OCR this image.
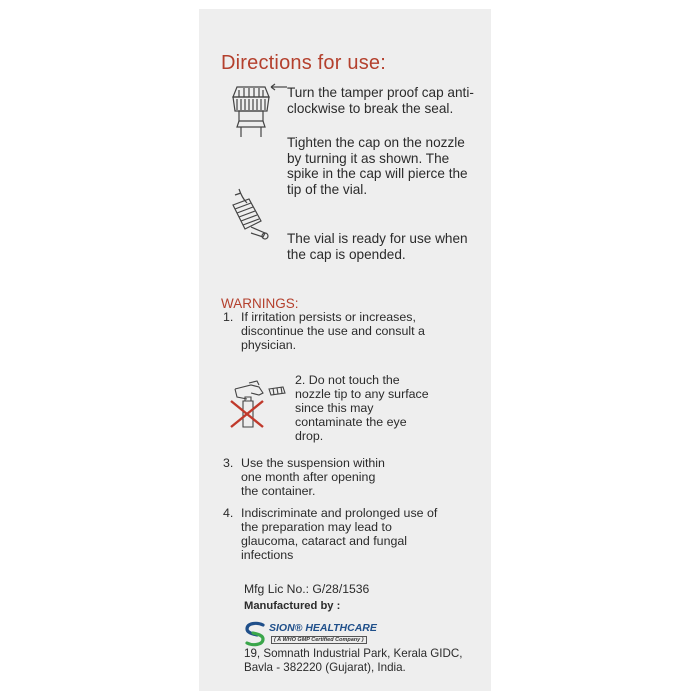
Directions for use:

Turn the tamper proof cap anti-clockwise to break the seal.

Tighten the cap on the nozzle by turning it as shown. The spike in the cap will pierce the tip of the vial.

The vial is ready for use when the cap is opended.

WARNINGS:
1. If irritation persists or increases, discontinue the use and consult a physician.
2. Do not touch the nozzle tip to any surface since this may contaminate the eye drop.
3. Use the suspension within one month after opening the container.
4. Indiscriminate and prolonged use of the preparation may lead to glaucoma, cataract and fungal infections

Mfg Lic No.: G/28/1536

Manufactured by :

SION® HEALTHCARE
( A WHO GMP Certified Company )

19, Somnath Industrial Park, Kerala GIDC,

Bavla - 382220 (Gujarat), India.
